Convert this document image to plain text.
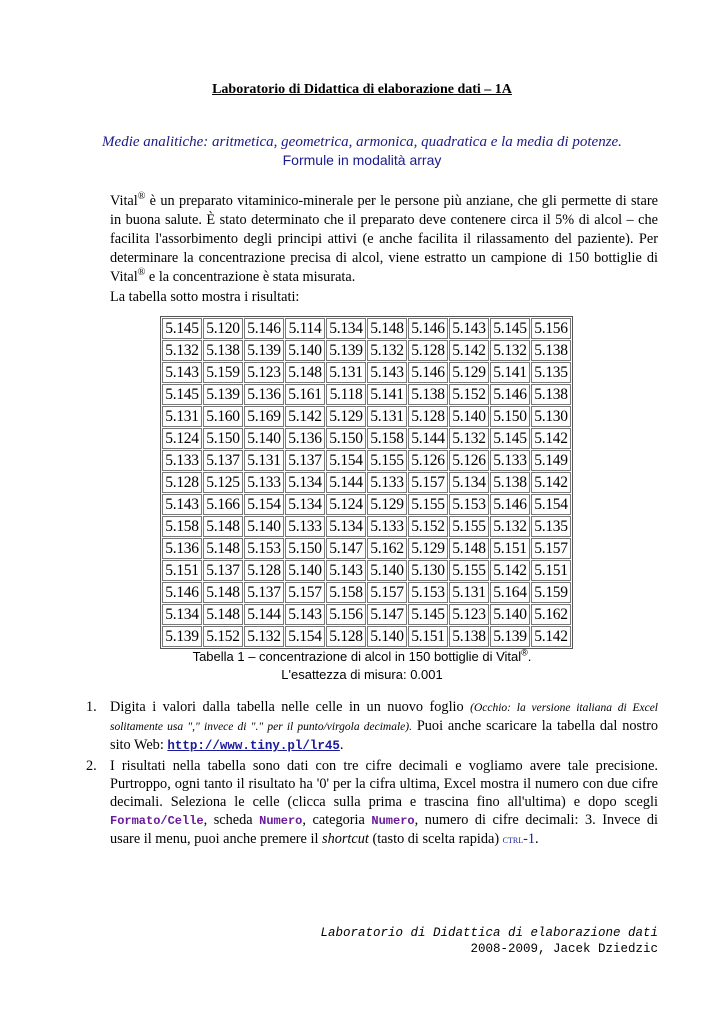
Laboratorio di Didattica di elaborazione dati – 1A
Medie analitiche: aritmetica, geometrica, armonica, quadratica e la media di potenze.
Formule in modalità array
Vital® è un preparato vitaminico-minerale per le persone più anziane, che gli permette di stare in buona salute. È stato determinato che il preparato deve contenere circa il 5% di alcol – che facilita l'assorbimento degli principi attivi (e anche facilita il rilassamento del paziente). Per determinare la concentrazione precisa di alcol, viene estratto un campione di 150 bottiglie di Vital® e la concentrazione è stata misurata.
La tabella sotto mostra i risultati:
5.145	5.120	5.146	5.114	5.134	5.148	5.146	5.143	5.145	5.156
5.132	5.138	5.139	5.140	5.139	5.132	5.128	5.142	5.132	5.138
5.143	5.159	5.123	5.148	5.131	5.143	5.146	5.129	5.141	5.135
5.145	5.139	5.136	5.161	5.118	5.141	5.138	5.152	5.146	5.138
5.131	5.160	5.169	5.142	5.129	5.131	5.128	5.140	5.150	5.130
5.124	5.150	5.140	5.136	5.150	5.158	5.144	5.132	5.145	5.142
5.133	5.137	5.131	5.137	5.154	5.155	5.126	5.126	5.133	5.149
5.128	5.125	5.133	5.134	5.144	5.133	5.157	5.134	5.138	5.142
5.143	5.166	5.154	5.134	5.124	5.129	5.155	5.153	5.146	5.154
5.158	5.148	5.140	5.133	5.134	5.133	5.152	5.155	5.132	5.135
5.136	5.148	5.153	5.150	5.147	5.162	5.129	5.148	5.151	5.157
5.151	5.137	5.128	5.140	5.143	5.140	5.130	5.155	5.142	5.151
5.146	5.148	5.137	5.157	5.158	5.157	5.153	5.131	5.164	5.159
5.134	5.148	5.144	5.143	5.156	5.147	5.145	5.123	5.140	5.162
5.139	5.152	5.132	5.154	5.128	5.140	5.151	5.138	5.139	5.142
Tabella 1 – concentrazione di alcol in 150 bottiglie di Vital®.
L'esattezza di misura: 0.001
1. Digita i valori dalla tabella nelle celle in un nuovo foglio (Occhio: la versione italiana di Excel solitamente usa "," invece di "." per il punto/virgola decimale). Puoi anche scaricare la tabella dal nostro sito Web: http://www.tiny.pl/lr45.
2. I risultati nella tabella sono dati con tre cifre decimali e vogliamo avere tale precisione. Purtroppo, ogni tanto il risultato ha '0' per la cifra ultima, Excel mostra il numero con due cifre decimali. Seleziona le celle (clicca sulla prima e trascina fino all'ultima) e dopo scegli Formato/Celle, scheda Numero, categoria Numero, numero di cifre decimali: 3. Invece di usare il menu, puoi anche premere il shortcut (tasto di scelta rapida) ctrl-1.
Laboratorio di Didattica di elaborazione dati
2008-2009, Jacek Dziedzic
